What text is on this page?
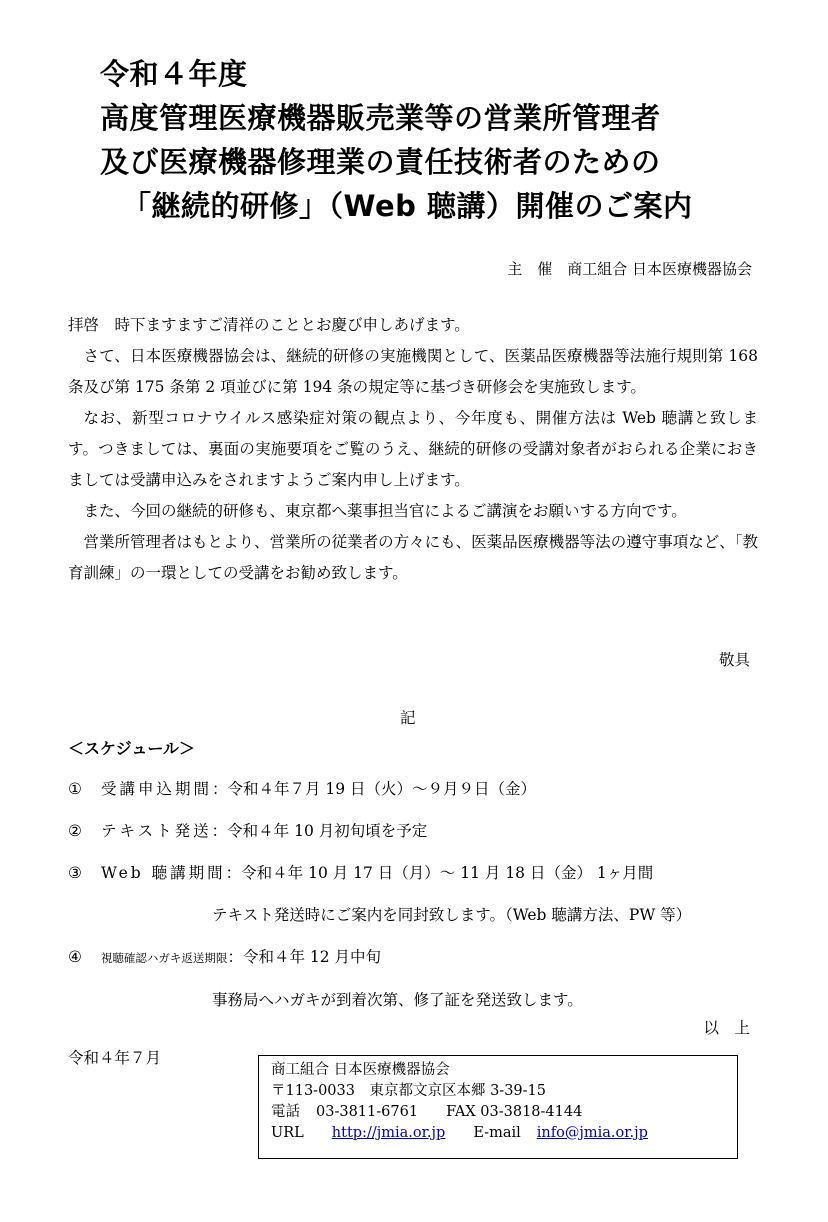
令和４年度
高度管理医療機器販売業等の営業所管理者
及び医療機器修理業の責任技術者のための
「継続的研修」（Web 聴講）開催のご案内
主　催　商工組合 日本医療機器協会

拝啓　時下ますますご清祥のこととお慶び申しあげます。

さて、日本医療機器協会は、継続的研修の実施機関として、医薬品医療機器等法施行規則第 168 条及び第 175 条第 2 項並びに第 194 条の規定等に基づき研修会を実施致します。

なお、新型コロナウイルス感染症対策の観点より、今年度も、開催方法は Web 聴講と致します。つきましては、裏面の実施要項をご覧のうえ、継続的研修の受講対象者がおられる企業におきましては受講申込みをされますようご案内申し上げます。

また、今回の継続的研修も、東京都へ薬事担当官によるご講演をお願いする方向です。

営業所管理者はもとより、営業所の従業者の方々にも、医薬品医療機器等法の遵守事項など、「教育訓練」の一環としての受講をお勧め致します。

敬具
記
＜スケジュール＞
① 受講申込期間：令和４年７月 19 日（火）～９月９日（金）
② テキスト発送：令和４年 10 月初旬頃を予定
③ Web 聴講期間：令和４年 10 月 17 日（月）～ 11 月 18 日（金） 1ヶ月間
テキスト発送時にご案内を同封致します。（Web 聴講方法、PW 等）
④ 視聴確認ハガキ返送期限：令和４年 12 月中旬
事務局へハガキが到着次第、修了証を発送致します。
以　上
令和４年７月
商工組合 日本医療機器協会
〒113‐0033　東京都文京区本郷 3‐39‐15
電話 03‐3811‐6761 FAX 03‐3818‐4144
URL http://jmia.or.jp E-mail info@jmia.or.jp
